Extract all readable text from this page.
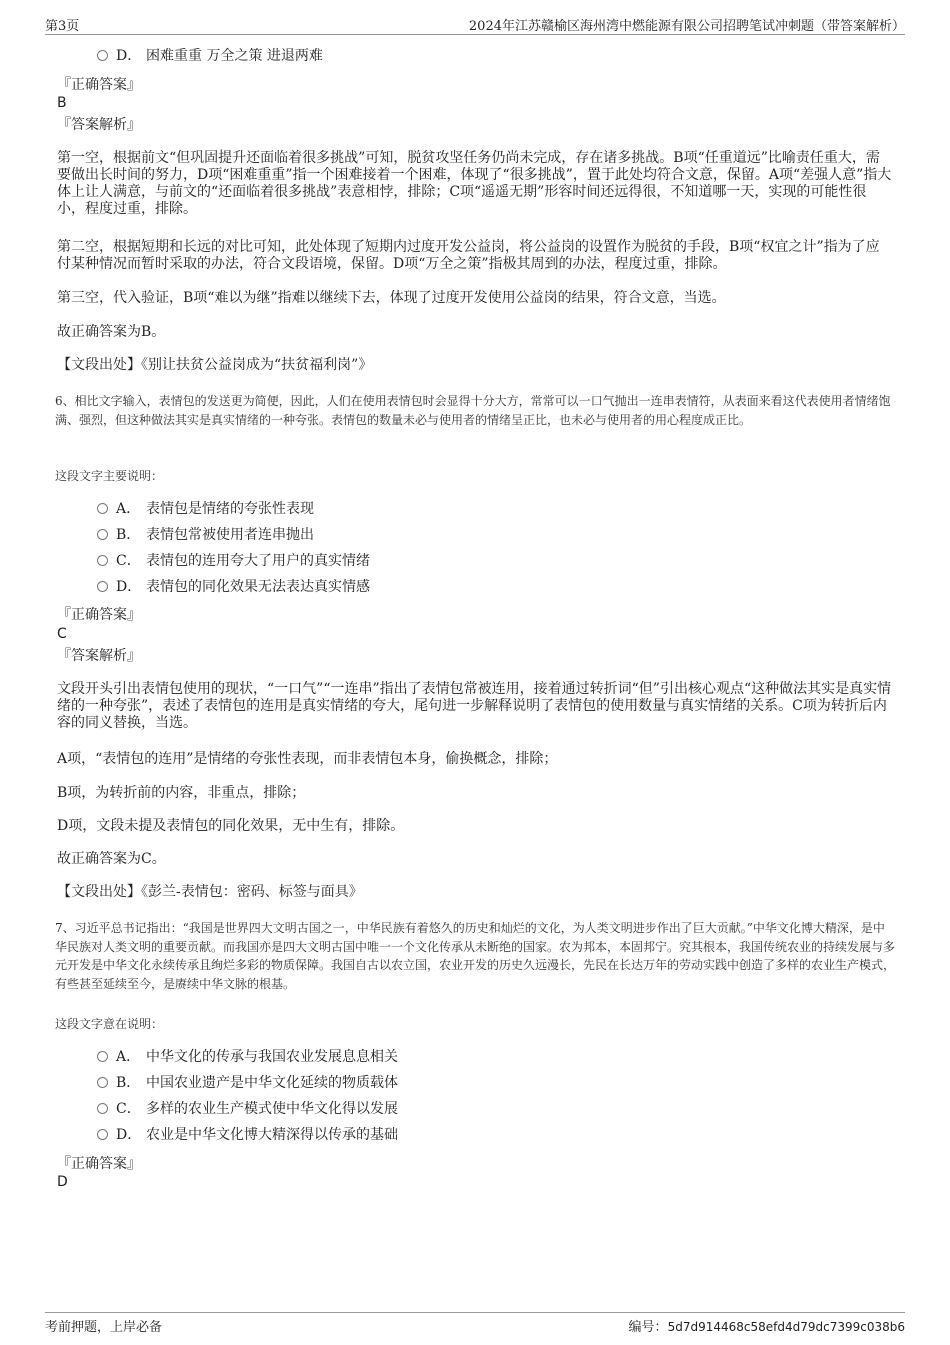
第3页	2024年江苏赣榆区海州湾中燃能源有限公司招聘笔试冲刺题（带答案解析）
D． 困难重重 万全之策 进退两难
『正确答案』
B
『答案解析』
第一空，根据前文“但巩固提升还面临着很多挑战”可知，脱贫攻坚任务仍尚未完成，存在诸多挑战。B项“任重道远”比喻责任重大，需要做出长时间的努力，D项“困难重重”指一个困难接着一个困难，体现了“很多挑战”，置于此处均符合文意，保留。A项“差强人意”指大体上让人满意，与前文的“还面临着很多挑战”表意相悖，排除；C项“遥遥无期”形容时间还远得很，不知道哪一天，实现的可能性很小，程度过重，排除。
第二空，根据短期和长远的对比可知，此处体现了短期内过度开发公益岗，将公益岗的设置作为脱贫的手段，B项“权宜之计”指为了应付某种情况而暂时采取的办法，符合文段语境，保留。D项“万全之策”指极其周到的办法，程度过重，排除。
第三空，代入验证，B项“难以为继”指难以继续下去，体现了过度开发使用公益岗的结果，符合文意，当选。
故正确答案为B。
【文段出处】《别让扶贫公益岗成为“扶贫福利岗”》
6、相比文字输入，表情包的发送更为简便，因此，人们在使用表情包时会显得十分大方，常常可以一口气抛出一连串表情符，从表面来看这代表使用者情绪饱满、强烈，但这种做法其实是真实情绪的一种夸张。表情包的数量未必与使用者的情绪呈正比，也未必与使用者的用心程度成正比。
这段文字主要说明：
A． 表情包是情绪的夸张性表现
B． 表情包常被使用者连串抛出
C． 表情包的连用夸大了用户的真实情绪
D． 表情包的同化效果无法表达真实情感
『正确答案』
C
『答案解析』
文段开头引出表情包使用的现状，“一口气”“一连串”指出了表情包常被连用，接着通过转折词“但”引出核心观点“这种做法其实是真实情绪的一种夸张”，表述了表情包的连用是真实情绪的夸大，尾句进一步解释说明了表情包的使用数量与真实情绪的关系。C项为转折后内容的同义替换，当选。
A项，“表情包的连用”是情绪的夸张性表现，而非表情包本身，偷换概念，排除；
B项，为转折前的内容，非重点，排除；
D项，文段未提及表情包的同化效果，无中生有，排除。
故正确答案为C。
【文段出处】《彭兰-表情包：密码、标签与面具》
7、习近平总书记指出：“我国是世界四大文明古国之一，中华民族有着悠久的历史和灿烂的文化，为人类文明进步作出了巨大贡献。”中华文化博大精深，是中华民族对人类文明的重要贡献。而我国亦是四大文明古国中唯一一个文化传承从未断绝的国家。农为邦本，本固邦宁。究其根本，我国传统农业的持续发展与多元开发是中华文化永续传承且绚烂多彩的物质保障。我国自古以农立国，农业开发的历史久远漫长，先民在长达万年的劳动实践中创造了多样的农业生产模式，有些甚至延续至今，是赓续中华文脉的根基。
这段文字意在说明：
A． 中华文化的传承与我国农业发展息息相关
B． 中国农业遗产是中华文化延续的物质载体
C． 多样的农业生产模式使中华文化得以发展
D． 农业是中华文化博大精深得以传承的基础
『正确答案』
D
考前押题，上岸必备	编号：5d7d914468c58efd4d79dc7399c038b6
